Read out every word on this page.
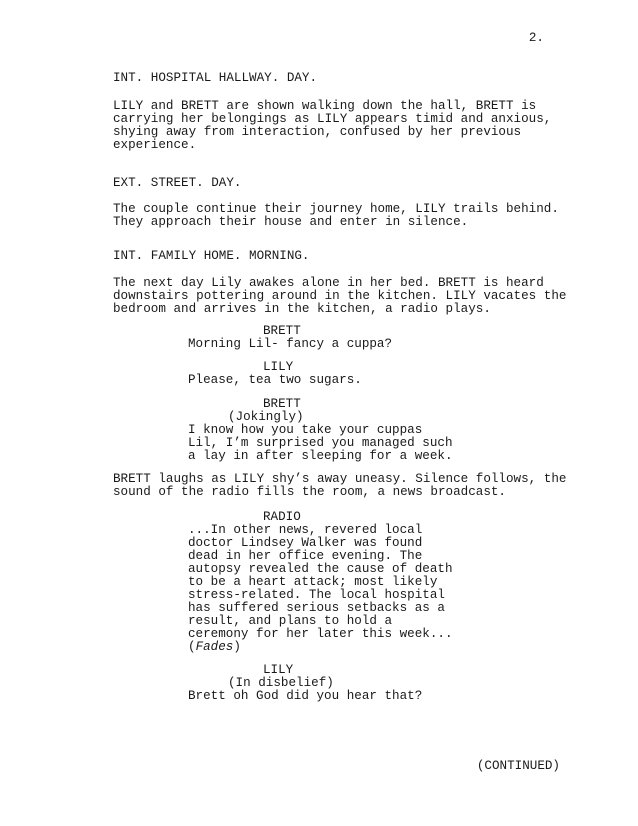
2.

INT. HOSPITAL HALLWAY. DAY.

LILY and BRETT are shown walking down the hall, BRETT is

carrying her belongings as LILY appears timid and anxious,

shying away from interaction, confused by her previous

experience.

EXT. STREET. DAY.

The couple continue their journey home, LILY trails behind.

They approach their house and enter in silence.

INT. FAMILY HOME. MORNING.

The next day Lily awakes alone in her bed. BRETT is heard

downstairs pottering around in the kitchen. LILY vacates the

bedroom and arrives in the kitchen, a radio plays.

BRETT

Morning Lil- fancy a cuppa?

LILY

Please, tea two sugars.

BRETT

(Jokingly)

I know how you take your cuppas

Lil, I’m surprised you managed such

a lay in after sleeping for a week.

BRETT laughs as LILY shy’s away uneasy. Silence follows, the

sound of the radio fills the room, a news broadcast.

RADIO

...In other news, revered local

doctor Lindsey Walker was found

dead in her office evening. The

autopsy revealed the cause of death

to be a heart attack; most likely

stress-related. The local hospital

has suffered serious setbacks as a

result, and plans to hold a

ceremony for her later this week...

(Fades)

LILY

(In disbelief)

Brett oh God did you hear that?

(CONTINUED)
